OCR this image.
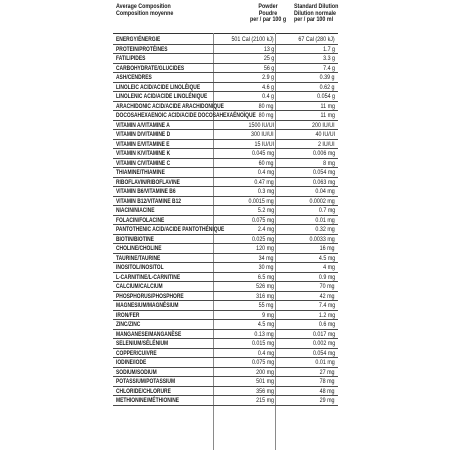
Average Composition
Composition moyenne
Powder
Poudre
per / par 100 g
Standard Dilution
Dilution normale
per / par 100 ml
ENERGY/ÉNERGIE	501 Cal (2100 kJ)	67 Cal (280 kJ)
PROTEIN/PROTÉINES	13 g	1.7 g
FAT/LIPIDES	25 g	3.3 g
CARBOHYDRATE/GLUCIDES	56 g	7.4 g
ASH/CENDRES	2.9 g	0.39 g
LINOLEIC ACID/ACIDE LINOLÉIQUE	4.6 g	0.62 g
LINOLENIC ACID/ACIDE LINOLÉNIQUE	0.4 g	0.054 g
ARACHIDONIC ACID/ACIDE ARACHIDONIQUE	80 mg	11 mg
DOCOSAHEXAENOIC ACID/ACIDE DOCOSAHEXAÉNOÏQUE 80 mg	11 mg
VITAMIN A/VITAMINE A	1500 IU/UI	200 IU/UI
VITAMIN D/VITAMINE D	300 IU/UI	40 IU/UI
VITAMIN E/VITAMINE E	15 IU/UI	2 IU/UI
VITAMIN K/VITAMINE K	0.045 mg	0.006 mg
VITAMIN C/VITAMINE C	60 mg	8 mg
THIAMINE/THIAMINE	0.4 mg	0.054 mg
RIBOFLAVIN/RIBOFLAVINE	0.47 mg	0.063 mg
VITAMIN B6/VITAMINE B6	0.3 mg	0.04 mg
VITAMIN B12/VITAMINE B12	0.0015 mg	0.0002 mg
NIACIN/NIACINE	5.2 mg	0.7 mg
FOLACIN/FOLACINE	0.075 mg	0.01 mg
PANTOTHENIC ACID/ACIDE PANTOTHÉNIQUE	2.4 mg	0.32 mg
BIOTIN/BIOTINE	0.025 mg	0.0033 mg
CHOLINE/CHOLINE	120 mg	16 mg
TAURINE/TAURINE	34 mg	4.5 mg
INOSITOL/INOSITOL	30 mg	4 mg
L-CARNITINE/L-CARNITINE	6.5 mg	0.9 mg
CALCIUM/CALCIUM	526 mg	70 mg
PHOSPHORUS/PHOSPHORE	316 mg	42 mg
MAGNESIUM/MAGNÉSIUM	55 mg	7.4 mg
IRON/FER	9 mg	1.2 mg
ZINC/ZINC	4.5 mg	0.6 mg
MANGANESE/MANGANÈSE	0.13 mg	0.017 mg
SELENIUM/SÉLÉNIUM	0.015 mg	0.002 mg
COPPER/CUIVRE	0.4 mg	0.054 mg
IODINE/IODE	0.075 mg	0.01 mg
SODIUM/SODIUM	200 mg	27 mg
POTASSIUM/POTASSIUM	501 mg	78 mg
CHLORIDE/CHLORURE	356 mg	48 mg
METHIONINE/MÉTHIONINE	215 mg	29 mg
